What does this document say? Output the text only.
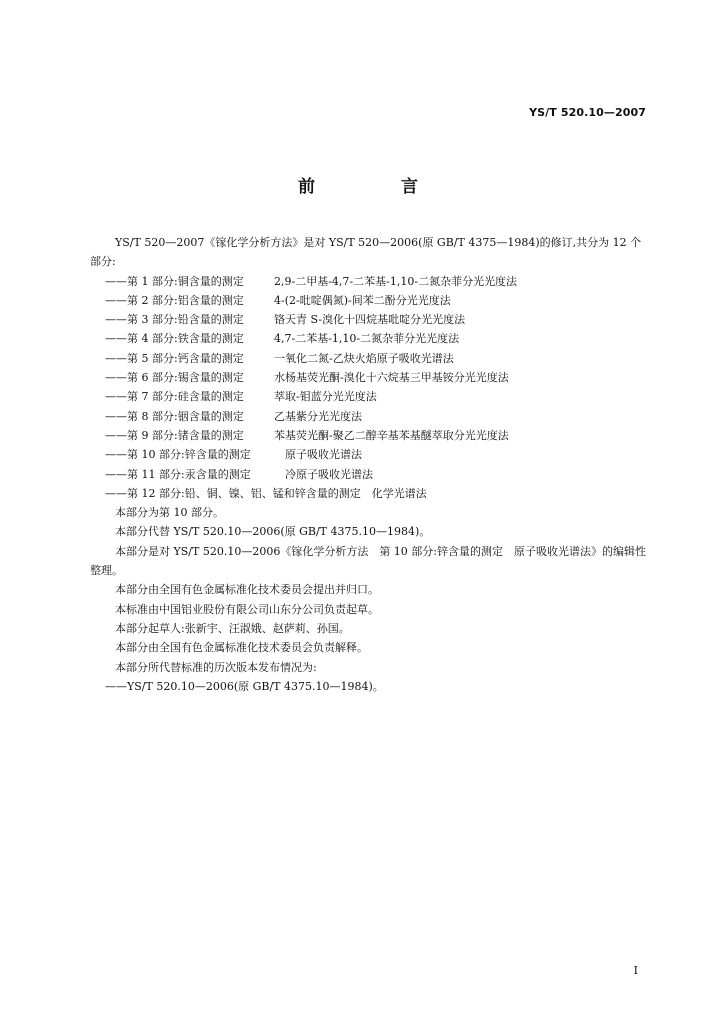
YS/T 520.10—2007
前 言

YS/T 520—2007《镓化学分析方法》是对 YS/T 520—2006(原 GB/T 4375—1984)的修订,共分为 12 个部分:

——第 1 部分:铜含量的测定	2,9-二甲基-4,7-二苯基-1,10-二氮杂菲分光光度法
——第 2 部分:铝含量的测定	4-(2-吡啶偶氮)-间苯二酚分光光度法
——第 3 部分:铅含量的测定	铬天青 S-溴化十四烷基吡啶分光光度法
——第 4 部分:铁含量的测定	4,7-二苯基-1,10-二氮杂菲分光光度法
——第 5 部分:钙含量的测定	一氧化二氮-乙炔火焰原子吸收光谱法
——第 6 部分:锡含量的测定	水杨基荧光酮-溴化十六烷基三甲基铵分光光度法
——第 7 部分:硅含量的测定	萃取-钼蓝分光光度法
——第 8 部分:铟含量的测定	乙基紫分光光度法
——第 9 部分:锗含量的测定	苯基荧光酮-聚乙二醇辛基苯基醚萃取分光光度法
——第 10 部分:锌含量的测定　	原子吸收光谱法
——第 11 部分:汞含量的测定　	冷原子吸收光谱法
——第 12 部分:铅、铜、镍、铝、锰和锌含量的测定　 化学光谱法
本部分为第 10 部分。
本部分代替 YS/T 520.10—2006(原 GB/T 4375.10—1984)。

本部分是对 YS/T 520.10—2006《镓化学分析方法　第 10 部分:锌含量的测定　原子吸收光谱法》的编辑性整理。

本部分由全国有色金属标准化技术委员会提出并归口。
本标准由中国铝业股份有限公司山东分公司负责起草。
本部分起草人:张新宇、汪淑娥、赵萨莉、孙国。
本部分由全国有色金属标准化技术委员会负责解释。
本部分所代替标准的历次版本发布情况为:
——YS/T 520.10—2006(原 GB/T 4375.10—1984)。
I
